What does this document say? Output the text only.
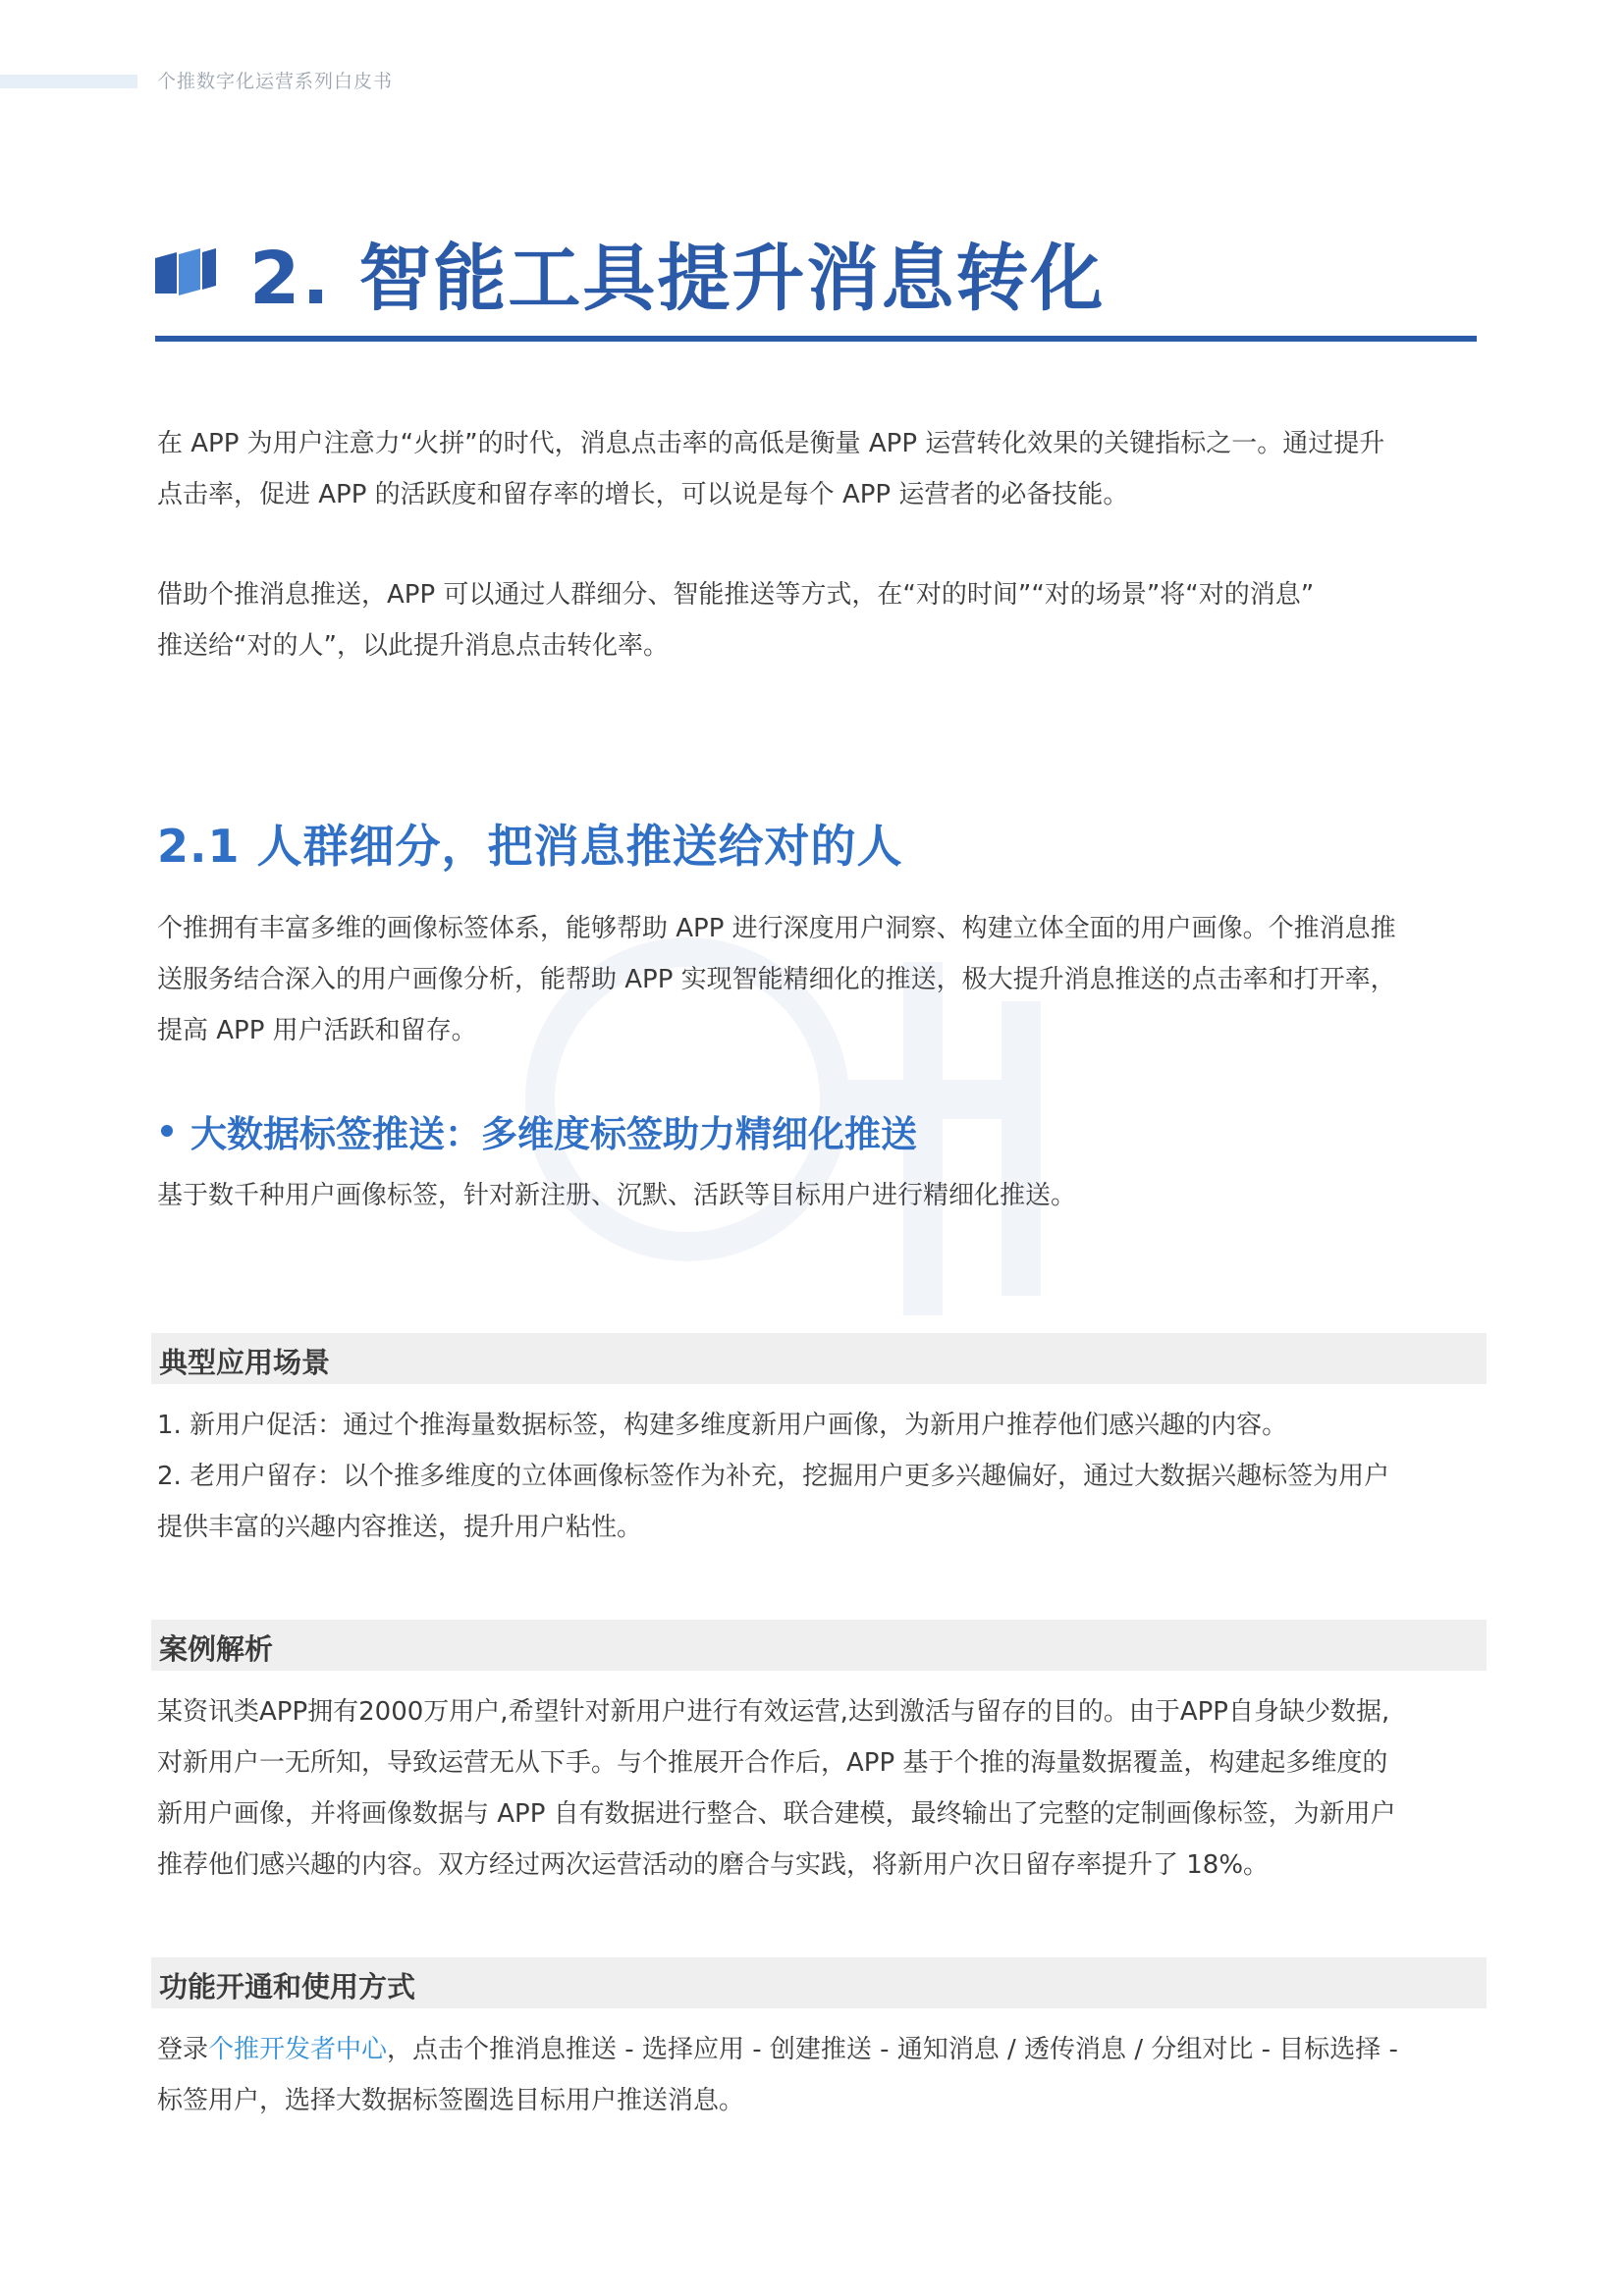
个推数字化运营系列白皮书
2. 智能工具提升消息转化

在 APP 为用户注意力“火拼”的时代，消息点击率的高低是衡量 APP 运营转化效果的关键指标之一。通过提升
点击率，促进 APP 的活跃度和留存率的增长，可以说是每个 APP 运营者的必备技能。

借助个推消息推送，APP 可以通过人群细分、智能推送等方式，在“对的时间”“对的场景”将“对的消息”
推送给“对的人”，以此提升消息点击转化率。

2.1 人群细分，把消息推送给对的人

个推拥有丰富多维的画像标签体系，能够帮助 APP 进行深度用户洞察、构建立体全面的用户画像。个推消息推
送服务结合深入的用户画像分析，能帮助 APP 实现智能精细化的推送，极大提升消息推送的点击率和打开率，
提高 APP 用户活跃和留存。

大数据标签推送：多维度标签助力精细化推送

基于数千种用户画像标签，针对新注册、沉默、活跃等目标用户进行精细化推送。

典型应用场景

1. 新用户促活：通过个推海量数据标签，构建多维度新用户画像，为新用户推荐他们感兴趣的内容。
2. 老用户留存：以个推多维度的立体画像标签作为补充，挖掘用户更多兴趣偏好，通过大数据兴趣标签为用户
提供丰富的兴趣内容推送，提升用户粘性。

案例解析

某资讯类APP拥有2000万用户,希望针对新用户进行有效运营,达到激活与留存的目的。由于APP自身缺少数据,
对新用户一无所知，导致运营无从下手。与个推展开合作后，APP 基于个推的海量数据覆盖，构建起多维度的
新用户画像，并将画像数据与 APP 自有数据进行整合、联合建模，最终输出了完整的定制画像标签，为新用户
推荐他们感兴趣的内容。双方经过两次运营活动的磨合与实践，将新用户次日留存率提升了 18%。

功能开通和使用方式

登录个推开发者中心，点击个推消息推送 - 选择应用 - 创建推送 - 通知消息 / 透传消息 / 分组对比 - 目标选择 -
标签用户，选择大数据标签圈选目标用户推送消息。
